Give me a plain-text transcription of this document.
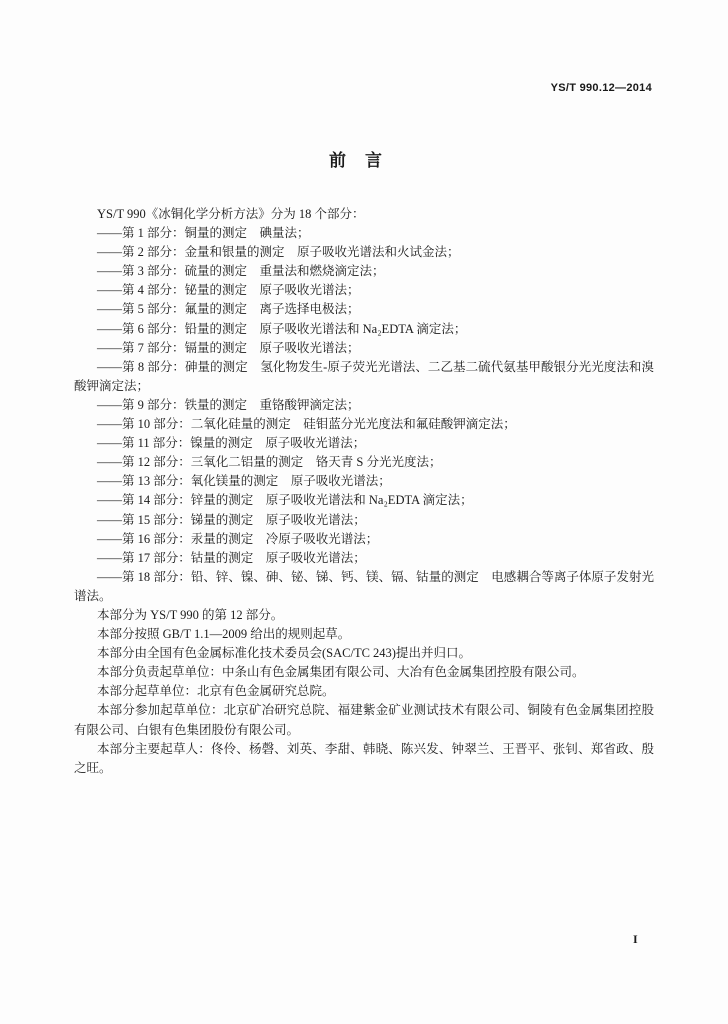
YS/T 990.12—2014
前　言

YS/T 990《冰铜化学分析方法》分为 18 个部分：

——第 1 部分：铜量的测定　碘量法；

——第 2 部分：金量和银量的测定　原子吸收光谱法和火试金法；

——第 3 部分：硫量的测定　重量法和燃烧滴定法；

——第 4 部分：铋量的测定　原子吸收光谱法；

——第 5 部分：氟量的测定　离子选择电极法；

——第 6 部分：铅量的测定　原子吸收光谱法和 Na₂EDTA 滴定法；

——第 7 部分：镉量的测定　原子吸收光谱法；

——第 8 部分：砷量的测定　氢化物发生-原子荧光光谱法、二乙基二硫代氨基甲酸银分光光度法和溴酸钾滴定法；

——第 9 部分：铁量的测定　重铬酸钾滴定法；

——第 10 部分：二氧化硅量的测定　硅钼蓝分光光度法和氟硅酸钾滴定法；

——第 11 部分：镍量的测定　原子吸收光谱法；

——第 12 部分：三氧化二铝量的测定　铬天青 S 分光光度法；

——第 13 部分：氧化镁量的测定　原子吸收光谱法；

——第 14 部分：锌量的测定　原子吸收光谱法和 Na₂EDTA 滴定法；

——第 15 部分：锑量的测定　原子吸收光谱法；

——第 16 部分：汞量的测定　冷原子吸收光谱法；

——第 17 部分：钴量的测定　原子吸收光谱法；

——第 18 部分：铅、锌、镍、砷、铋、锑、钙、镁、镉、钴量的测定　电感耦合等离子体原子发射光谱法。

本部分为 YS/T 990 的第 12 部分。

本部分按照 GB/T 1.1—2009 给出的规则起草。

本部分由全国有色金属标准化技术委员会(SAC/TC 243)提出并归口。

本部分负责起草单位：中条山有色金属集团有限公司、大冶有色金属集团控股有限公司。

本部分起草单位：北京有色金属研究总院。

本部分参加起草单位：北京矿冶研究总院、福建紫金矿业测试技术有限公司、铜陵有色金属集团控股有限公司、白银有色集团股份有限公司。

本部分主要起草人：佟伶、杨磬、刘英、李甜、韩晓、陈兴发、钟翠兰、王晋平、张钊、郑省政、殷之旺。

I
